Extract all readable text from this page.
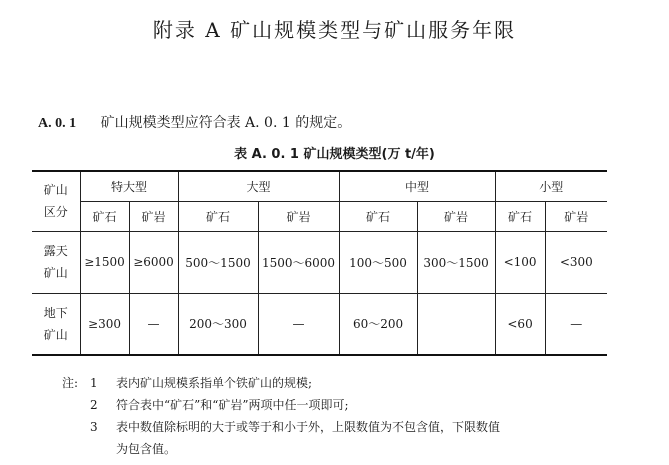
附录 A 矿山规模类型与矿山服务年限
A. 0. 1 矿山规模类型应符合表 A. 0. 1 的规定。
表 A. 0. 1 矿山规模类型(万 t/年)
矿山
区分	特大型		大型		中型		小型	
	矿石	矿岩	矿石	矿岩	矿石	矿岩	矿石	矿岩

露天
矿山	≥1500	≥6000	500～1500	1500～6000	100～500	300～1500	<100	<300

地下
矿山	≥300	—	200～300	—	60～200		<60	—
注: 1 表内矿山规模系指单个铁矿山的规模;
2 符合表中“矿石”和“矿岩”两项中任一项即可;
3 表中数值除标明的大于或等于和小于外，上限数值为不包含值，下限数值
为包含值。
